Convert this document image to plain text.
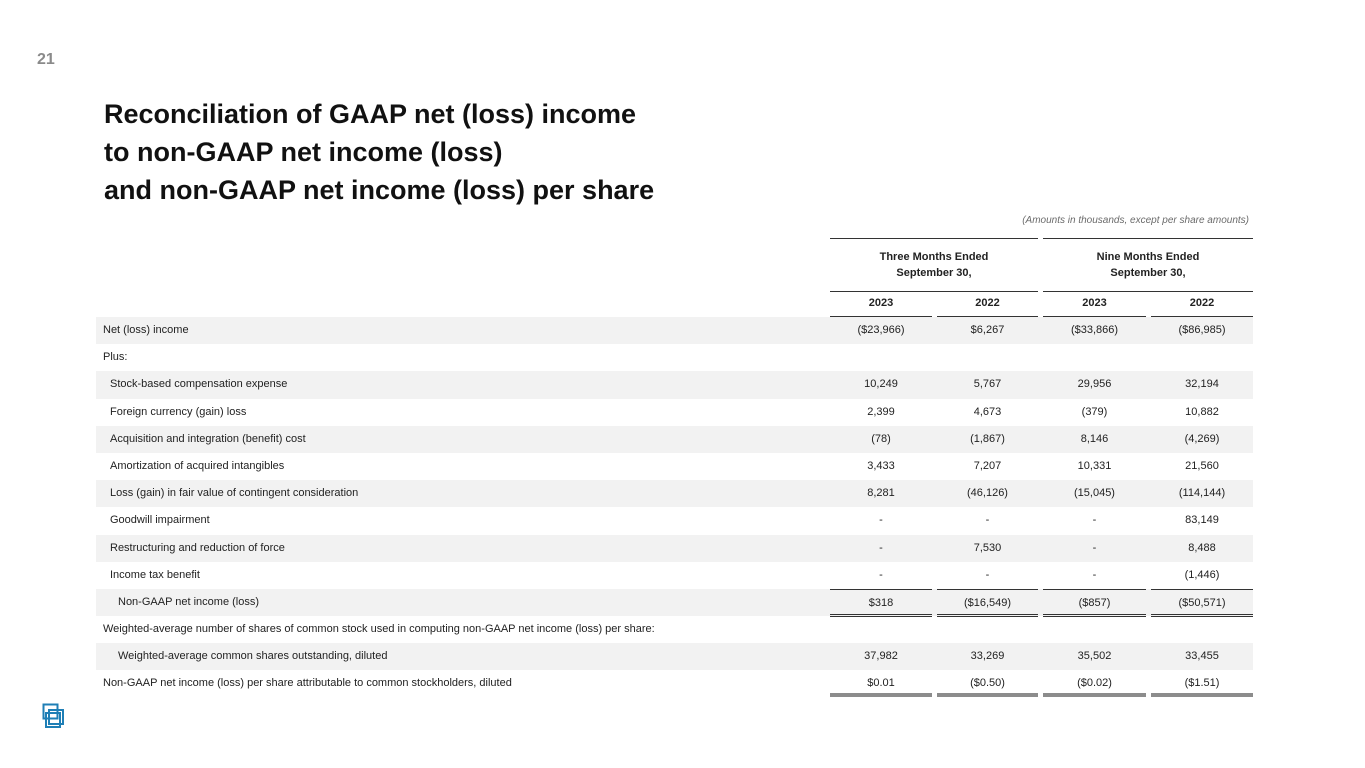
21
Reconciliation of GAAP net (loss) income
to non-GAAP net income (loss)
and non-GAAP net income (loss) per share
(Amounts in thousands, except per share amounts)
Three Months Ended
September 30,
Nine Months Ended
September 30,
2023	2022	2023	2022
Net (loss) income	($23,966)	$6,267	($33,866)	($86,985)
Plus:
Stock-based compensation expense	10,249	5,767	29,956	32,194
Foreign currency (gain) loss	2,399	4,673	(379)	10,882
Acquisition and integration (benefit) cost	(78)	(1,867)	8,146	(4,269)
Amortization of acquired intangibles	3,433	7,207	10,331	21,560
Loss (gain) in fair value of contingent consideration	8,281	(46,126)	(15,045)	(114,144)
Goodwill impairment	-	-	-	83,149
Restructuring and reduction of force	-	7,530	-	8,488
Income tax benefit	-	-	-	(1,446)
Non-GAAP net income (loss)	$318	($16,549)	($857)	($50,571)
Weighted-average number of shares of common stock used in computing non-GAAP net income (loss) per share:
Weighted-average common shares outstanding, diluted	37,982	33,269	35,502	33,455
Non-GAAP net income (loss) per share attributable to common stockholders, diluted	$0.01	($0.50)	($0.02)	($1.51)
